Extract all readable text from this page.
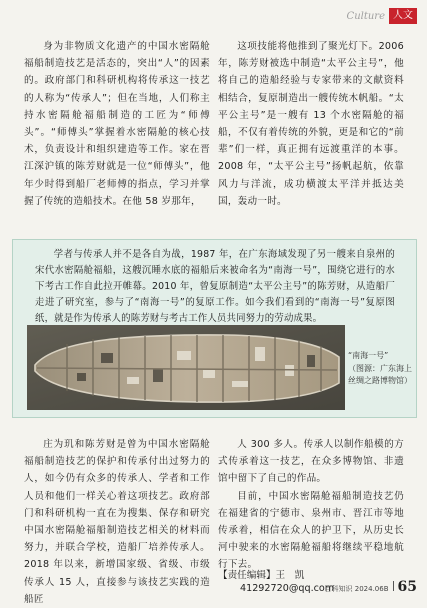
Culture 人文

身为非物质文化遗产的中国水密隔舱福船制造技艺是活态的，突出“人”的因素的。政府部门和科研机构将传承这一技艺的人称为“传承人”；但在当地，人们称主持水密隔舱福船制造的工匠为“师傅头”。“师傅头”掌握着水密隔舱的核心技术，负责设计和组织建造等工作。家在晋江深沪镇的陈芳财就是一位“师傅头”，他年少时得到船厂老师傅的指点，学习并掌握了传统的造船技术。在他 58 岁那年，

这项技能将他推到了聚光灯下。2006 年，陈芳财被选中制造“太平公主号”，他将自己的造船经验与专家带来的文献资料相结合，复原制造出一艘传统木帆船。“太平公主号”是一艘有 13 个水密隔舱的福船，不仅有着传统的外貌，更是和它的“前辈”们一样，真正拥有远渡重洋的本事。2008 年，“太平公主号”扬帆起航，依靠风力与洋流，成功横渡太平洋并抵达美国，轰动一时。

学者与传承人并不是各自为战，1987 年，在广东海域发现了另一艘来自泉州的宋代水密隔舱福船，这艘沉睡水底的福船后来被命名为“南海一号”，围绕它进行的水下考古工作自此拉开帷幕。2010 年，曾复原制造“太平公主号”的陈芳财，从造船厂走进了研究室，参与了“南海一号”的复原工作。如今我们看到的“南海一号”复原图纸，就是作为传承人的陈芳财与考古工作人员共同努力的劳动成果。

“南海一号”
（图源：广东海上丝绸之路博物馆）

庄为玑和陈芳财是曾为中国水密隔舱福船制造技艺的保护和传承付出过努力的人，如今仍有众多的传承人、学者和工作人员和他们一样关心着这项技艺。政府部门和科研机构一直在为搜集、保存和研究中国水密隔舱福船制造技艺相关的材料而努力，并联合学校，造船厂培养传承人。2018 年以来，新增国家级、省级、市级传承人 15 人，直接参与该技艺实践的造船匠

人 300 多人。传承人以制作船模的方式传承着这一技艺，在众多博物馆、非遗馆中留下了自己的作品。

目前，中国水密隔舱福船制造技艺仍在福建省的宁德市、泉州市、晋江市等地传承着，相信在众人的护卫下，从历史长河中驶来的水密隔舱福船将继续平稳地航行下去。

【责任编辑】王　凯
41292720@qq.com
百科知识 2024.06B 65
